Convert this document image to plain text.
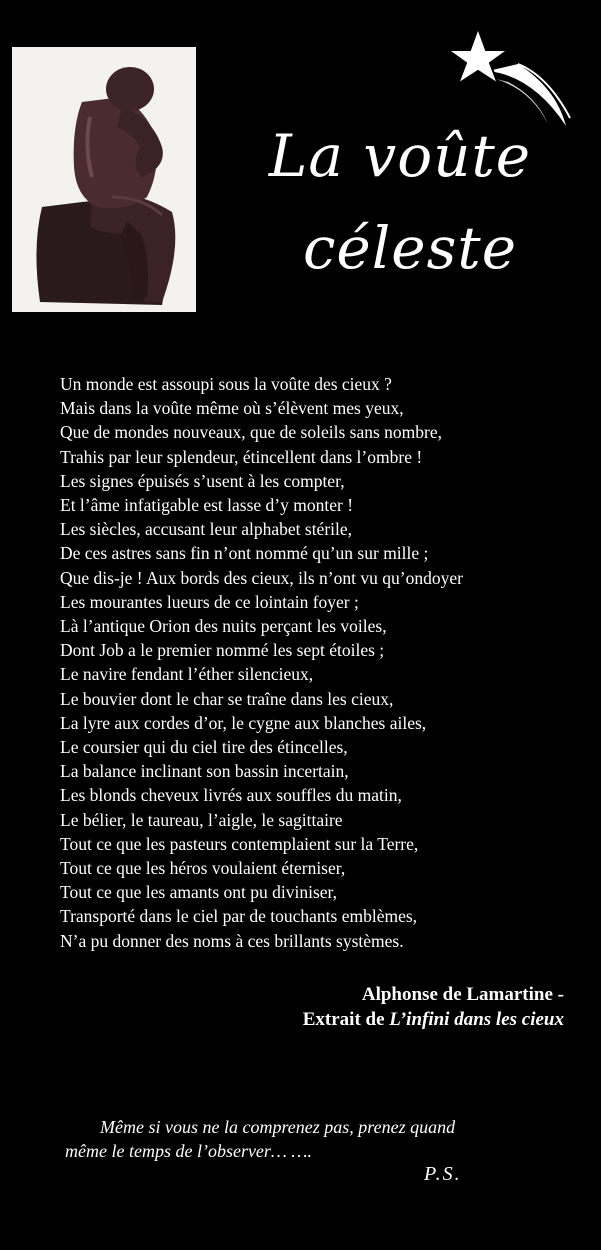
La voûte
céleste
Un monde est assoupi sous la voûte des cieux ?
Mais dans la voûte même où s’élèvent mes yeux,
Que de mondes nouveaux, que de soleils sans nombre,
Trahis par leur splendeur, étincellent dans l’ombre !
Les signes épuisés s’usent à les compter,
Et l’âme infatigable est lasse d’y monter !
Les siècles, accusant leur alphabet stérile,
De ces astres sans fin n’ont nommé qu’un sur mille ;
Que dis-je ! Aux bords des cieux, ils n’ont vu qu’ondoyer
Les mourantes lueurs de ce lointain foyer ;
Là l’antique Orion des nuits perçant les voiles,
Dont Job a le premier nommé les sept étoiles ;
Le navire fendant l’éther silencieux,
Le bouvier dont le char se traîne dans les cieux,
La lyre aux cordes d’or, le cygne aux blanches ailes,
Le coursier qui du ciel tire des étincelles,
La balance inclinant son bassin incertain,
Les blonds cheveux livrés aux souffles du matin,
Le bélier, le taureau, l’aigle, le sagittaire
Tout ce que les pasteurs contemplaient sur la Terre,
Tout ce que les héros voulaient éterniser,
Tout ce que les amants ont pu diviniser,
Transporté dans le ciel par de touchants emblèmes,
N’a pu donner des noms à ces brillants systèmes.
Alphonse de Lamartine -
Extrait de L’infini dans les cieux
Même si vous ne la comprenez pas, prenez quand
même le temps de l’observer… ….
P.S.
